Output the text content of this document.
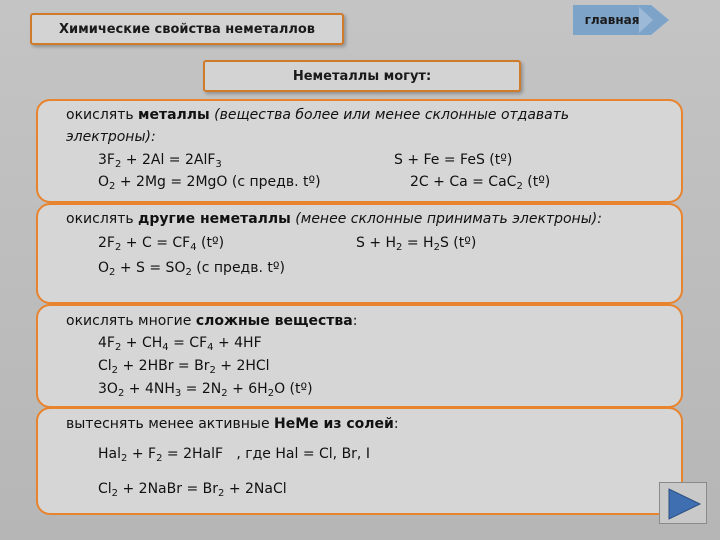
Химические свойства неметаллов
главная
Неметаллы могут:
окислять металлы (вещества более или менее склонные отдавать
электроны):
$3F_2 + 2Al = 2AlF_3$	S + Fe = FeS (tº)
$O_2 + 2Mg = 2MgO$ (с предв. tº)	2C + Ca = CaC$_2$ (tº)
окислять другие неметаллы (менее склонные принимать электроны):
$2F_2 + C = CF_4$ (tº)	$S + H_2 = H_2S$ (tº)
$O_2 + S = SO_2$ (с предв. tº)
окислять многие сложные вещества:
$4F_2 + CH_4 = CF_4 + 4HF$
$Cl_2 + 2HBr = Br_2 + 2HCl$
$3O_2 + 4NH_3 = 2N_2 + 6H_2O$ (tº)
вытеснять менее активные НеМе из солей:
$Hal_2 + F_2$ = 2HalF   , где Hal = Cl, Br, I
$Cl_2$ + 2NaBr = $Br_2$ + 2NaCl
